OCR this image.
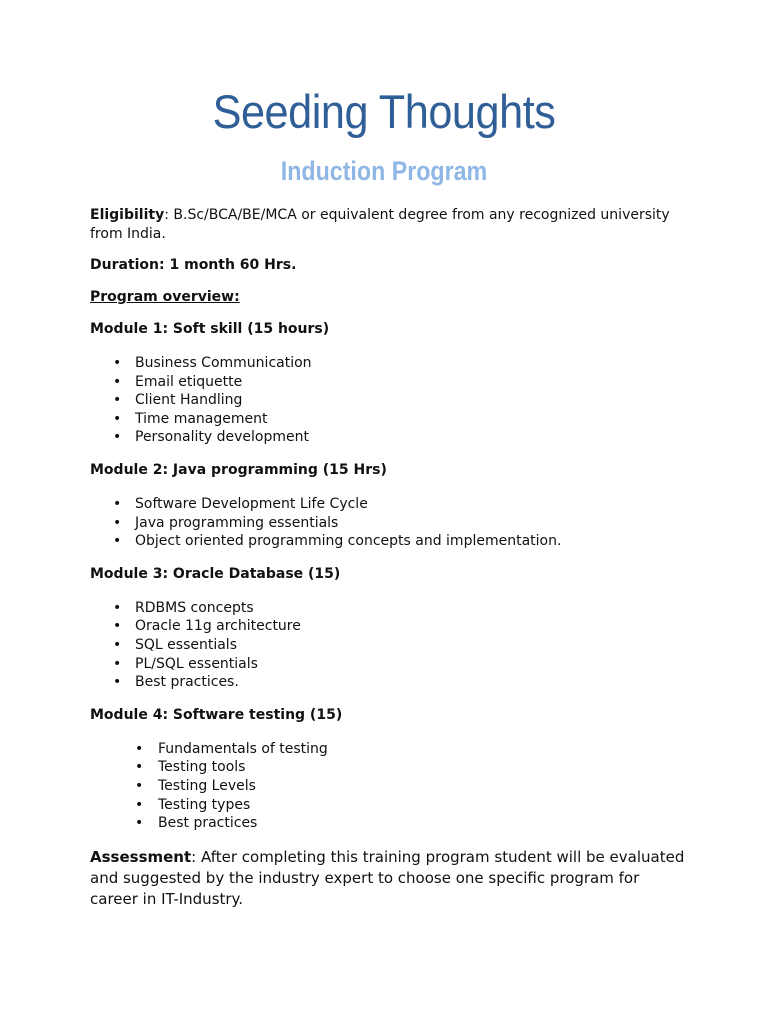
Seeding Thoughts
Induction Program

Eligibility: B.Sc/BCA/BE/MCA or equivalent degree from any recognized university from India.

Duration: 1 month 60 Hrs.

Program overview:

Module 1: Soft skill (15 hours)

• Business Communication
• Email etiquette
• Client Handling
• Time management
• Personality development

Module 2: Java programming (15 Hrs)

• Software Development Life Cycle
• Java programming essentials
• Object oriented programming concepts and implementation.

Module 3: Oracle Database (15)

• RDBMS concepts
• Oracle 11g architecture
• SQL essentials
• PL/SQL essentials
• Best practices.

Module 4: Software testing (15)

• Fundamentals of testing
• Testing tools
• Testing Levels
• Testing types
• Best practices

Assessment: After completing this training program student will be evaluated and suggested by the industry expert to choose one specific program for career in IT-Industry.
